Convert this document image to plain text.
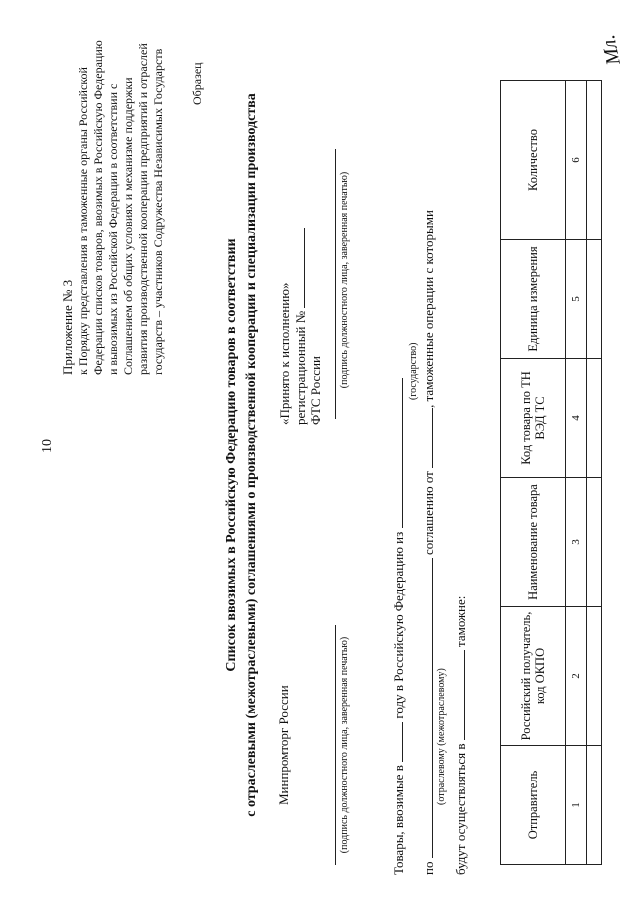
10
Приложение № 3 к Порядку представления в таможенные органы Российской Федерации списков товаров, ввозимых в Российскую Федерацию и вывозимых из Российской Федерации в соответствии с Соглашением об общих условиях и механизме поддержки развития производственной кооперации предприятий и отраслей государств – участников Содружества Независимых Государств Образец
Мл.
Список ввозимых в Российскую Федерацию товаров в соответствии с отраслевыми (межотраслевыми) соглашениями о производственной кооперации и специализации производства Минпромторг России
«Принято к исполнению» регистрационный № ФТС России
(подпись должностного лица, заверенная печатью)
(подпись должностного лица, заверенная печатью)
Товары, ввозимые в  году в Российскую Федерацию из
(государство)
по  соглашению от , таможенные операции с которыми
(отраслевому (межотраслевому)
будут осуществляться в  таможне:
Отправитель	Российский получатель, код ОКПО	Наименование товара	Код товара по ТН ВЭД ТС	Единица измерения	Количество
1	2	3	4	5	6
